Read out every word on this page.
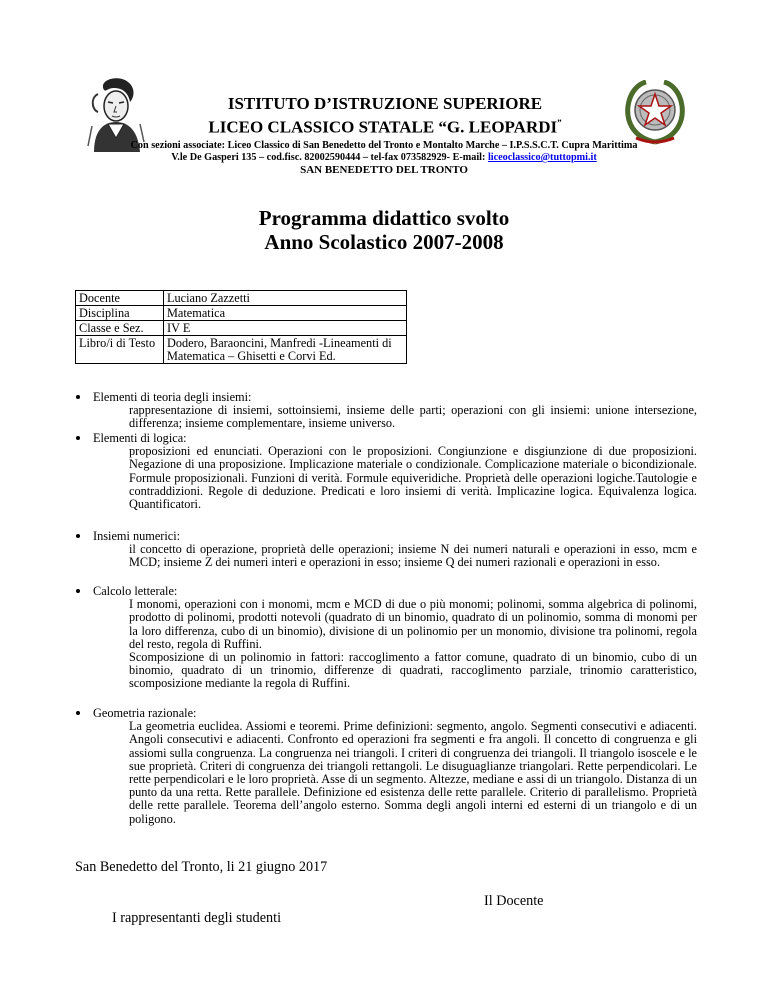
ISTITUTO D’ISTRUZIONE SUPERIORE
LICEO CLASSICO STATALE “G. LEOPARDI”
Con sezioni associate: Liceo Classico di San Benedetto del Tronto e Montalto Marche – I.P.S.S.C.T. Cupra Marittima
V.le De Gasperi 135 – cod.fisc. 82002590444 – tel-fax 073582929- E-mail: liceoclassico@tuttopmi.it
SAN BENEDETTO DEL TRONTO
Programma didattico svolto
Anno Scolastico 2007-2008
Docente	Luciano Zazzetti
Disciplina	Matematica
Classe e Sez.	IV E
Libro/i di Testo	Dodero, Baraoncini, Manfredi -Lineamenti di Matematica – Ghisetti e Corvi Ed.
Elementi di teoria degli insiemi:
rappresentazione di insiemi, sottoinsiemi, insieme delle parti; operazioni con gli insiemi: unione intersezione, differenza; insieme complementare, insieme universo.
Elementi di logica:
proposizioni ed enunciati. Operazioni con le proposizioni. Congiunzione e disgiunzione di due proposizioni. Negazione di una proposizione. Implicazione materiale o condizionale. Complicazione materiale o bicondizionale. Formule proposizionali. Funzioni di verità. Formule equiveridiche. Proprietà delle operazioni logiche.Tautologie e contraddizioni. Regole di deduzione. Predicati e loro insiemi di verità. Implicazine logica. Equivalenza logica. Quantificatori.
Insiemi numerici:
il concetto di operazione, proprietà delle operazioni; insieme N dei numeri naturali e operazioni in esso, mcm e MCD; insieme Z dei numeri interi e operazioni in esso; insieme Q dei numeri razionali e operazioni in esso.
Calcolo letterale:
I monomi, operazioni con i monomi, mcm e MCD di due o più monomi; polinomi, somma algebrica di polinomi, prodotto di polinomi, prodotti notevoli (quadrato di un binomio, quadrato di un polinomio, somma di monomi per la loro differenza, cubo di un binomio), divisione di un polinomio per un monomio, divisione tra polinomi, regola del resto, regola di Ruffini.
Scomposizione di un polinomio in fattori: raccoglimento a fattor comune, quadrato di un binomio, cubo di un binomio, quadrato di un trinomio, differenze di quadrati, raccoglimento parziale, trinomio caratteristico, scomposizione mediante la regola di Ruffini.
Geometria razionale:
La geometria euclidea. Assiomi e teoremi. Prime definizioni: segmento, angolo. Segmenti consecutivi e adiacenti. Angoli consecutivi e adiacenti. Confronto ed operazioni fra segmenti e fra angoli. Il concetto di congruenza e gli assiomi sulla congruenza. La congruenza nei triangoli. I criteri di congruenza dei triangoli. Il triangolo isoscele e le sue proprietà. Criteri di congruenza dei triangoli rettangoli. Le disuguaglianze triangolari. Rette perpendicolari. Le rette perpendicolari e le loro proprietà. Asse di un segmento. Altezze, mediane e assi di un triangolo. Distanza di un punto da una retta. Rette parallele. Definizione ed esistenza delle rette parallele. Criterio di parallelismo. Proprietà delle rette parallele. Teorema dell’angolo esterno. Somma degli angoli interni ed esterni di un triangolo e di un poligono.
San Benedetto del Tronto, li 21 giugno 2017
Il Docente
I rappresentanti degli studenti
